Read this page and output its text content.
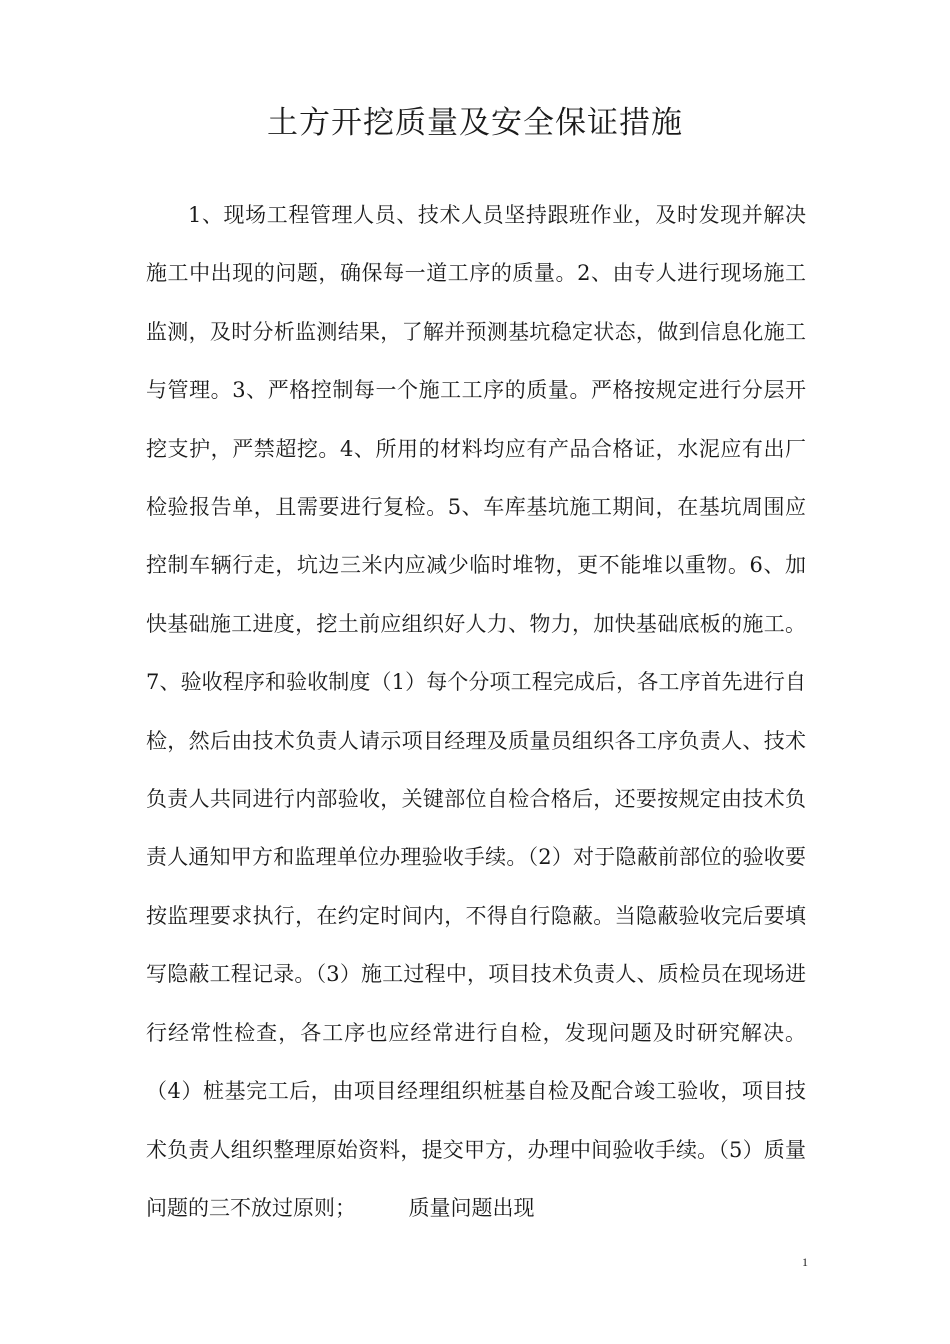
土方开挖质量及安全保证措施

1、现场工程管理人员、技术人员坚持跟班作业，及时发现并解决施工中出现的问题，确保每一道工序的质量。2、由专人进行现场施工监测，及时分析监测结果，了解并预测基坑稳定状态，做到信息化施工与管理。3、严格控制每一个施工工序的质量。严格按规定进行分层开挖支护，严禁超挖。4、所用的材料均应有产品合格证，水泥应有出厂检验报告单，且需要进行复检。5、车库基坑施工期间，在基坑周围应控制车辆行走，坑边三米内应减少临时堆物，更不能堆以重物。6、加快基础施工进度，挖土前应组织好人力、物力，加快基础底板的施工。7、验收程序和验收制度（1）每个分项工程完成后，各工序首先进行自检，然后由技术负责人请示项目经理及质量员组织各工序负责人、技术负责人共同进行内部验收，关键部位自检合格后，还要按规定由技术负责人通知甲方和监理单位办理验收手续。（2）对于隐蔽前部位的验收要按监理要求执行，在约定时间内，不得自行隐蔽。当隐蔽验收完后要填写隐蔽工程记录。（3）施工过程中，项目技术负责人、质检员在现场进行经常性检查，各工序也应经常进行自检，发现问题及时研究解决。（4）桩基完工后，由项目经理组织桩基自检及配合竣工验收，项目技术负责人组织整理原始资料，提交甲方，办理中间验收手续。（5）质量问题的三不放过原则；　　　质量问题出现

1
